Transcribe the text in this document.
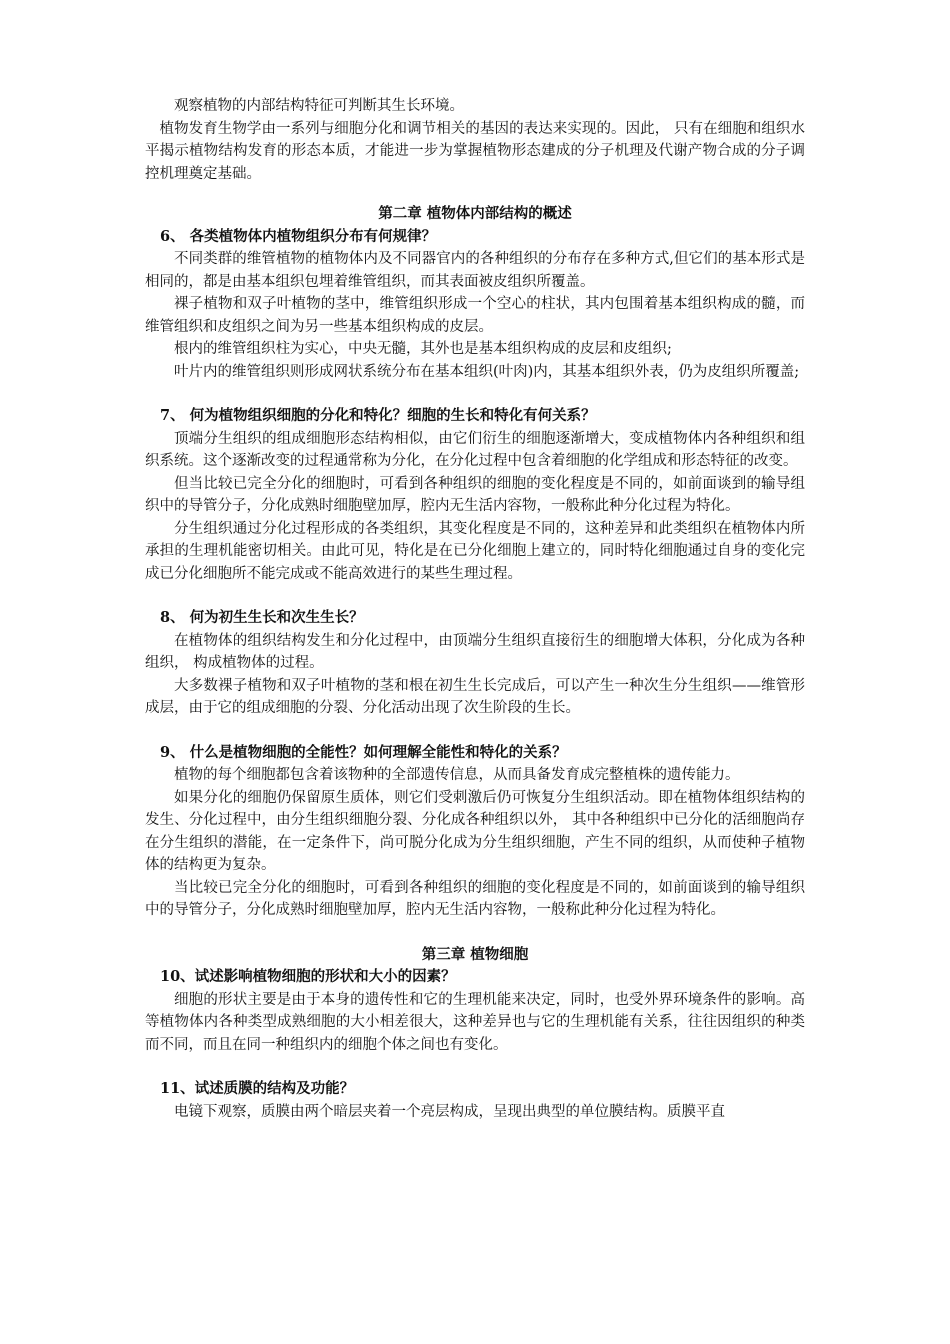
观察植物的内部结构特征可判断其生长环境。

植物发育生物学由一系列与细胞分化和调节相关的基因的表达来实现的。因此， 只有在细胞和组织水平揭示植物结构发育的形态本质，才能进一步为掌握植物形态建成的分子机理及代谢产物合成的分子调控机理奠定基础。

第二章 植物体内部结构的概述

6、 各类植物体内植物组织分布有何规律？

不同类群的维管植物的植物体内及不同器官内的各种组织的分布存在多种方式,但它们的基本形式是相同的，都是由基本组织包埋着维管组织，而其表面被皮组织所覆盖。

裸子植物和双子叶植物的茎中，维管组织形成一个空心的柱状，其内包围着基本组织构成的髓，而维管组织和皮组织之间为另一些基本组织构成的皮层。

根内的维管组织柱为实心，中央无髓，其外也是基本组织构成的皮层和皮组织;

叶片内的维管组织则形成网状系统分布在基本组织(叶肉)内，其基本组织外表，仍为皮组织所覆盖;

7、 何为植物组织细胞的分化和特化？细胞的生长和特化有何关系？

顶端分生组织的组成细胞形态结构相似，由它们衍生的细胞逐渐增大，变成植物体内各种组织和组织系统。这个逐渐改变的过程通常称为分化，在分化过程中包含着细胞的化学组成和形态特征的改变。

但当比较已完全分化的细胞时，可看到各种组织的细胞的变化程度是不同的，如前面谈到的输导组织中的导管分子，分化成熟时细胞壁加厚，腔内无生活内容物，一般称此种分化过程为特化。

分生组织通过分化过程形成的各类组织，其变化程度是不同的，这种差异和此类组织在植物体内所承担的生理机能密切相关。由此可见，特化是在已分化细胞上建立的，同时特化细胞通过自身的变化完成已分化细胞所不能完成或不能高效进行的某些生理过程。

8、 何为初生生长和次生生长？

在植物体的组织结构发生和分化过程中，由顶端分生组织直接衍生的细胞增大体积，分化成为各种组织， 构成植物体的过程。

大多数裸子植物和双子叶植物的茎和根在初生生长完成后，可以产生一种次生分生组织——维管形成层，由于它的组成细胞的分裂、分化活动出现了次生阶段的生长。

9、 什么是植物细胞的全能性？如何理解全能性和特化的关系？

植物的每个细胞都包含着该物种的全部遗传信息，从而具备发育成完整植株的遗传能力。

如果分化的细胞仍保留原生质体，则它们受刺激后仍可恢复分生组织活动。即在植物体组织结构的发生、分化过程中，由分生组织细胞分裂、分化成各种组织以外， 其中各种组织中已分化的活细胞尚存在分生组织的潜能，在一定条件下，尚可脱分化成为分生组织细胞，产生不同的组织，从而使种子植物体的结构更为复杂。

当比较已完全分化的细胞时，可看到各种组织的细胞的变化程度是不同的，如前面谈到的输导组织中的导管分子，分化成熟时细胞壁加厚，腔内无生活内容物，一般称此种分化过程为特化。

第三章 植物细胞

10、试述影响植物细胞的形状和大小的因素？

细胞的形状主要是由于本身的遗传性和它的生理机能来决定，同时，也受外界环境条件的影响。高等植物体内各种类型成熟细胞的大小相差很大，这种差异也与它的生理机能有关系，往往因组织的种类而不同，而且在同一种组织内的细胞个体之间也有变化。

11、试述质膜的结构及功能？

电镜下观察，质膜由两个暗层夹着一个亮层构成，呈现出典型的单位膜结构。质膜平直
